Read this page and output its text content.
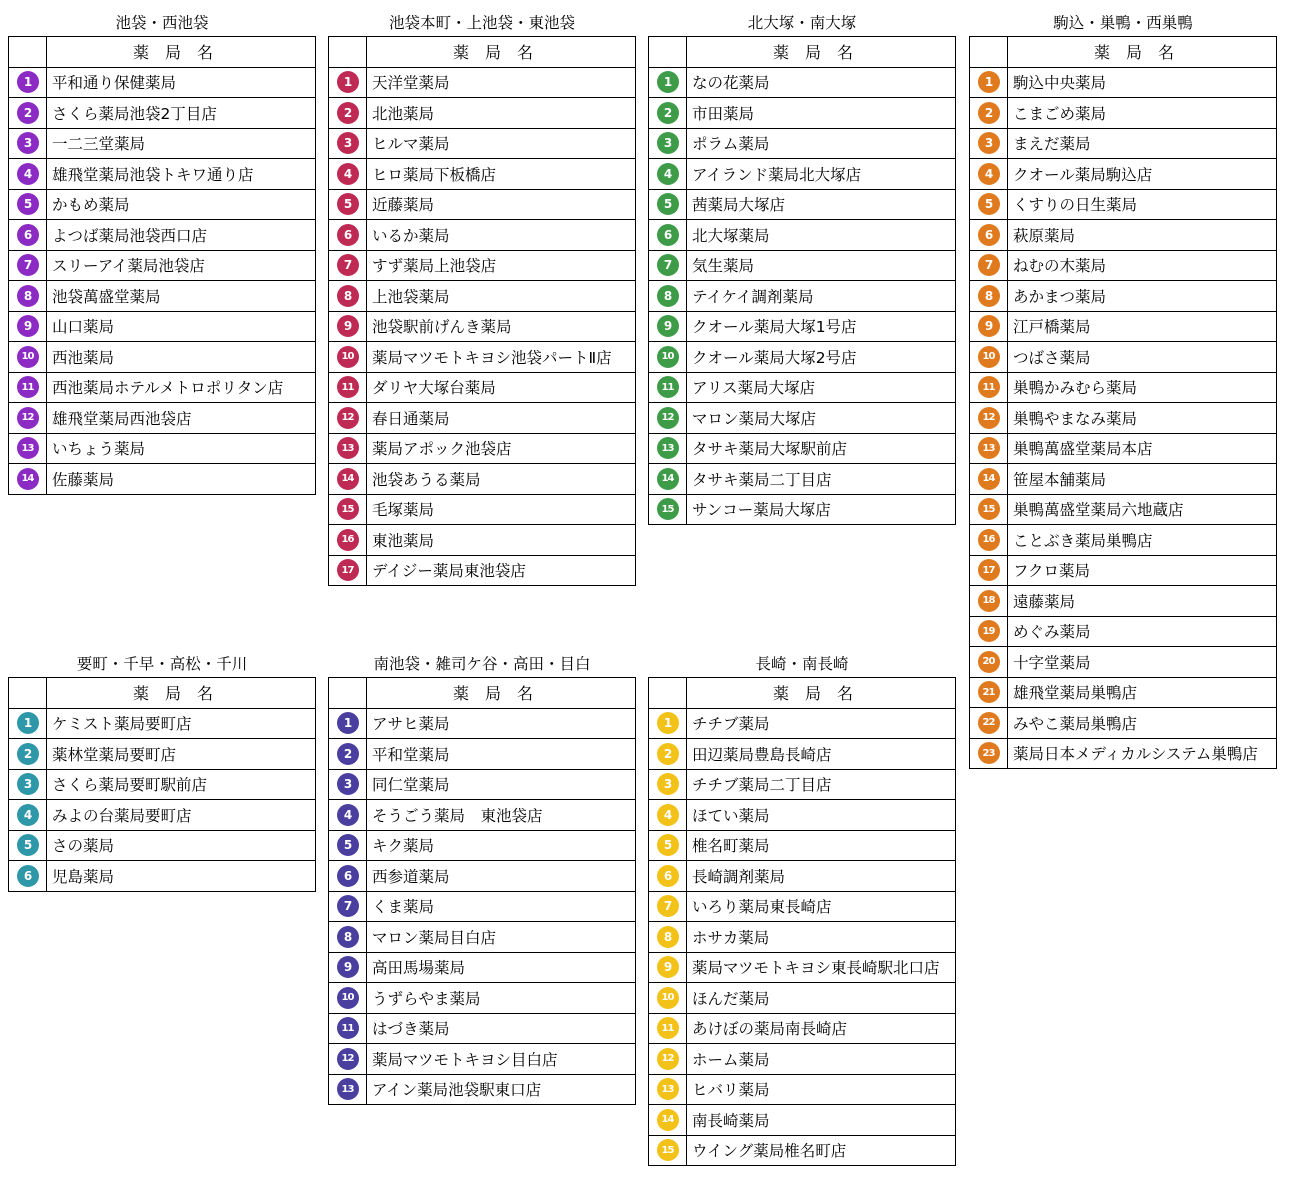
池袋・西池袋
	薬局名
1	平和通り保健薬局
2	さくら薬局池袋2丁目店
3	一二三堂薬局
4	雄飛堂薬局池袋トキワ通り店
5	かもめ薬局
6	よつば薬局池袋西口店
7	スリーアイ薬局池袋店
8	池袋萬盛堂薬局
9	山口薬局
10	西池薬局
11	西池薬局ホテルメトロポリタン店
12	雄飛堂薬局西池袋店
13	いちょう薬局
14	佐藤薬局
池袋本町・上池袋・東池袋
	薬局名
1	天洋堂薬局
2	北池薬局
3	ヒルマ薬局
4	ヒロ薬局下板橋店
5	近藤薬局
6	いるか薬局
7	すず薬局上池袋店
8	上池袋薬局
9	池袋駅前げんき薬局
10	薬局マツモトキヨシ池袋パートⅡ店
11	ダリヤ大塚台薬局
12	春日通薬局
13	薬局アポック池袋店
14	池袋あうる薬局
15	毛塚薬局
16	東池薬局
17	デイジー薬局東池袋店
北大塚・南大塚
	薬局名
1	なの花薬局
2	市田薬局
3	ポラム薬局
4	アイランド薬局北大塚店
5	茜薬局大塚店
6	北大塚薬局
7	気生薬局
8	テイケイ調剤薬局
9	クオール薬局大塚1号店
10	クオール薬局大塚2号店
11	アリス薬局大塚店
12	マロン薬局大塚店
13	タサキ薬局大塚駅前店
14	タサキ薬局二丁目店
15	サンコー薬局大塚店
駒込・巣鴨・西巣鴨
	薬局名
1	駒込中央薬局
2	こまごめ薬局
3	まえだ薬局
4	クオール薬局駒込店
5	くすりの日生薬局
6	萩原薬局
7	ねむの木薬局
8	あかまつ薬局
9	江戸橋薬局
10	つばさ薬局
11	巣鴨かみむら薬局
12	巣鴨やまなみ薬局
13	巣鴨萬盛堂薬局本店
14	笹屋本舗薬局
15	巣鴨萬盛堂薬局六地蔵店
16	ことぶき薬局巣鴨店
17	フクロ薬局
18	遠藤薬局
19	めぐみ薬局
20	十字堂薬局
21	雄飛堂薬局巣鴨店
22	みやこ薬局巣鴨店
23	薬局日本メディカルシステム巣鴨店
要町・千早・高松・千川
	薬局名
1	ケミスト薬局要町店
2	薬林堂薬局要町店
3	さくら薬局要町駅前店
4	みよの台薬局要町店
5	さの薬局
6	児島薬局
南池袋・雑司ケ谷・高田・目白
	薬局名
1	アサヒ薬局
2	平和堂薬局
3	同仁堂薬局
4	そうごう薬局　東池袋店
5	キク薬局
6	西参道薬局
7	くま薬局
8	マロン薬局目白店
9	高田馬場薬局
10	うずらやま薬局
11	はづき薬局
12	薬局マツモトキヨシ目白店
13	アイン薬局池袋駅東口店
長崎・南長崎
	薬局名
1	チチブ薬局
2	田辺薬局豊島長崎店
3	チチブ薬局二丁目店
4	ほてい薬局
5	椎名町薬局
6	長崎調剤薬局
7	いろり薬局東長崎店
8	ホサカ薬局
9	薬局マツモトキヨシ東長崎駅北口店
10	ほんだ薬局
11	あけぼの薬局南長崎店
12	ホーム薬局
13	ヒバリ薬局
14	南長崎薬局
15	ウイング薬局椎名町店
